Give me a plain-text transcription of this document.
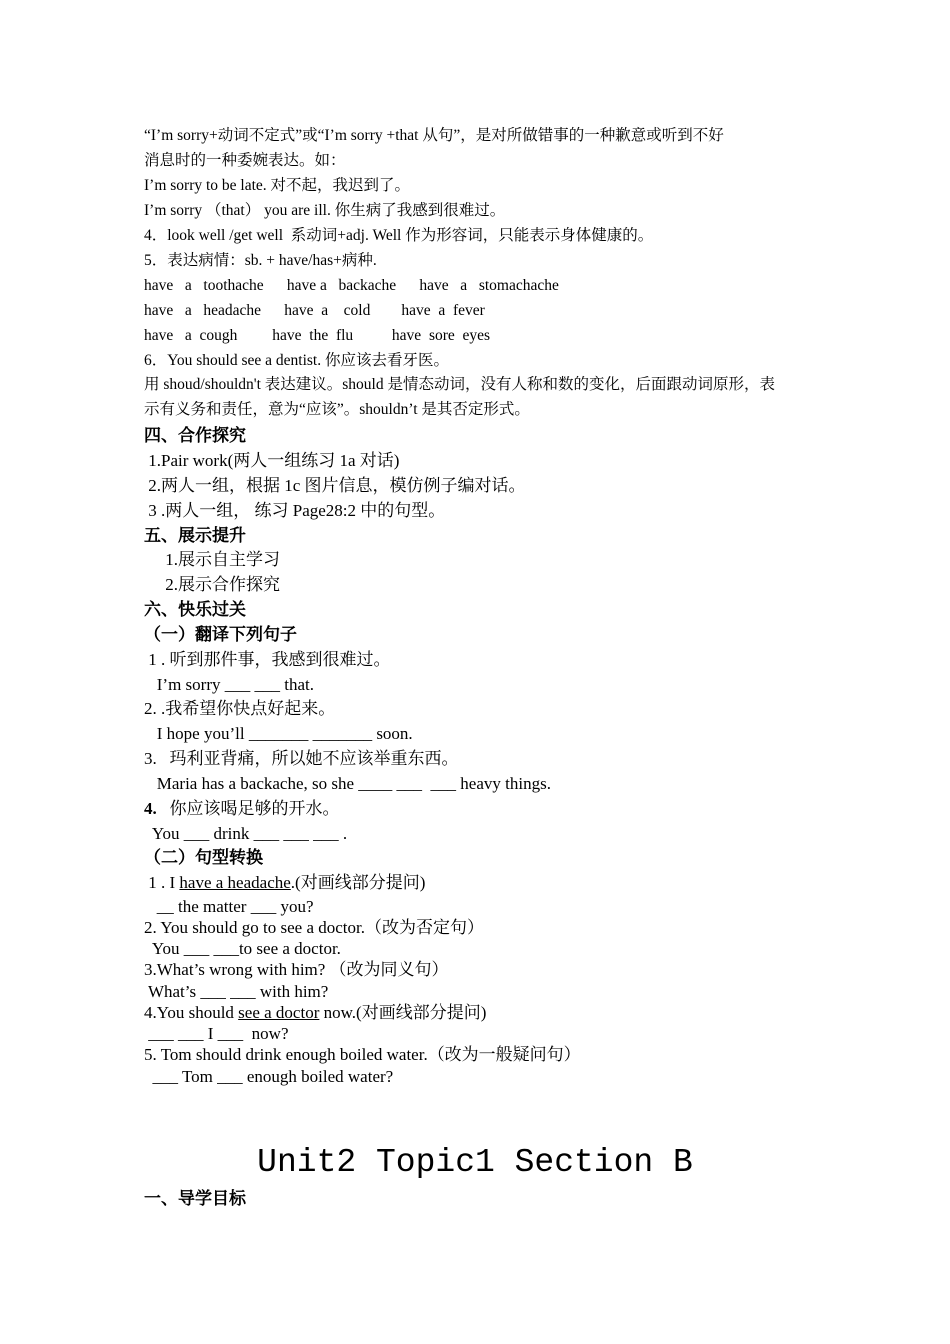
“I’m sorry+动词不定式”或“I’m sorry +that 从句”，是对所做错事的一种歉意或听到不好
消息时的一种委婉表达。如：
I’m sorry to be late. 对不起，我迟到了。
I’m sorry （that） you are ill. 你生病了我感到很难过。
4．look well /get well  系动词+adj. Well 作为形容词，只能表示身体健康的。
5．表达病情：sb. + have/has+病种.
have   a   toothache      have a   backache      have   a   stomachache
have   a   headache      have  a    cold        have  a  fever
have   a  cough         have  the  flu          have  sore  eyes
6．You should see a dentist. 你应该去看牙医。
用 shoud/shouldn't 表达建议。should 是情态动词，没有人称和数的变化，后面跟动词原形，表
示有义务和责任，意为“应该”。shouldn’t 是其否定形式。
四、合作探究
1.Pair work(两人一组练习 1a 对话)
2.两人一组，根据 1c 图片信息，模仿例子编对话。
3 .两人一组， 练习 Page28:2 中的句型。
五、展示提升
1.展示自主学习
2.展示合作探究
六、快乐过关
（一）翻译下列句子
1 . 听到那件事，我感到很难过。
I’m sorry ___ ___ that.
2. .我希望你快点好起来。
I hope you’ll _______ _______ soon.
3.   玛利亚背痛，所以她不应该举重东西。
Maria has a backache, so she ____ ___  ___ heavy things.
4.   你应该喝足够的开水。
You ___ drink ___ ___ ___ .
（二）句型转换
1 . I have a headache.(对画线部分提问)
__ the matter ___ you?
2. You should go to see a doctor.（改为否定句）
You ___ ___to see a doctor.
3.What’s wrong with him? （改为同义句）
What’s ___ ___ with him?
4.You should see a doctor now.(对画线部分提问)
___ ___ I ___  now?
5. Tom should drink enough boiled water.（改为一般疑问句）
___ Tom ___ enough boiled water?
Unit2 Topic1 Section B
一、导学目标
